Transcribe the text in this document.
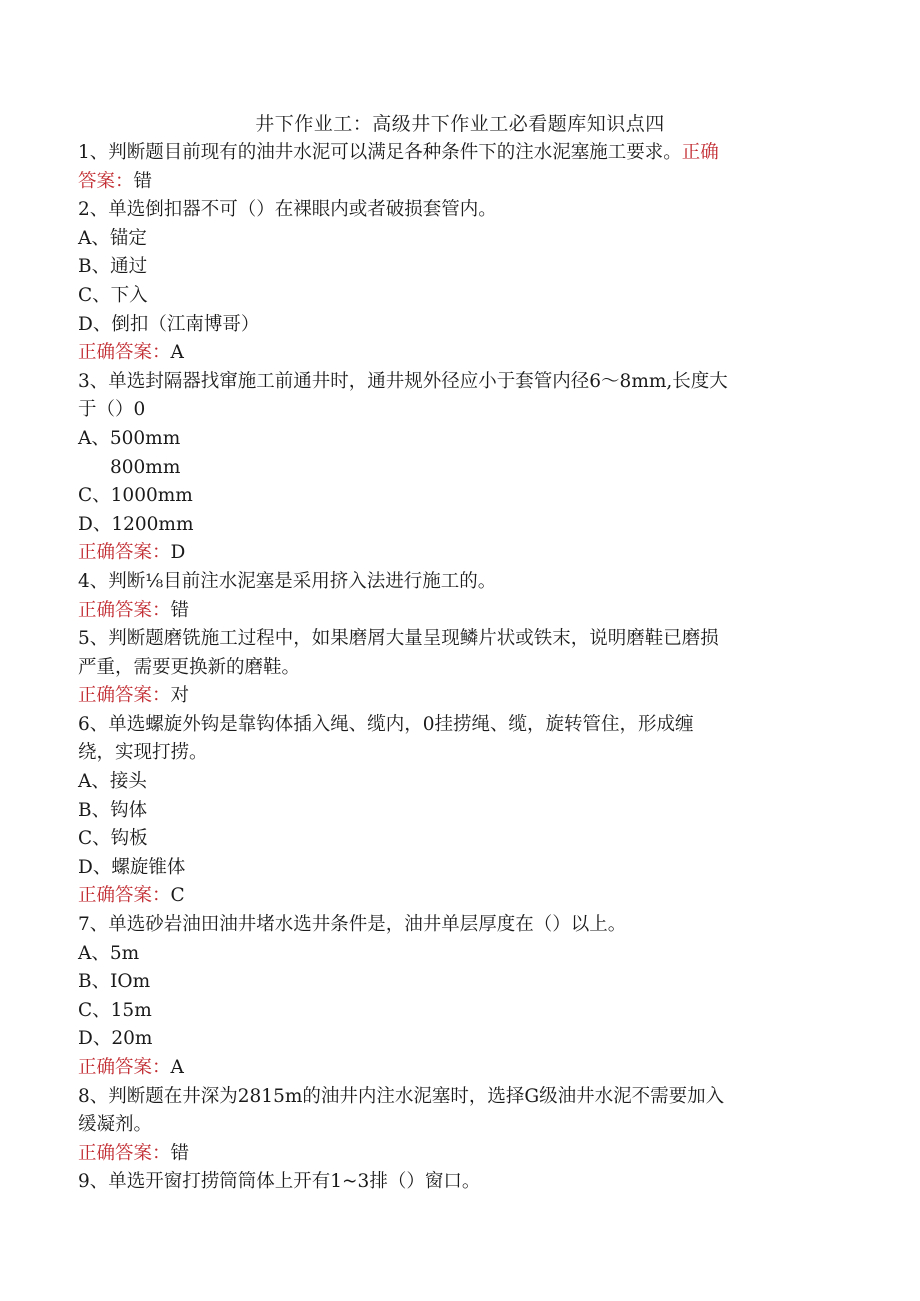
井下作业工：高级井下作业工必看题库知识点四
1、判断题目前现有的油井水泥可以满足各种条件下的注水泥塞施工要求。正确
答案：错
2、单选倒扣器不可（）在裸眼内或者破损套管内。
A、锚定
B、通过
C、下入
D、倒扣（江南博哥）
正确答案：A
3、单选封隔器找窜施工前通井时，通井规外径应小于套管内径6～8mm,长度大
于（）0
A、500mm
800mm
C、1000mm
D、1200mm
正确答案：D
4、判断⅛目前注水泥塞是采用挤入法进行施工的。
正确答案：错
5、判断题磨铣施工过程中，如果磨屑大量呈现鳞片状或铁末，说明磨鞋已磨损
严重，需要更换新的磨鞋。
正确答案：对
6、单选螺旋外钩是靠钩体插入绳、缆内，0挂捞绳、缆，旋转管住，形成缠
绕，实现打捞。
A、接头
B、钩体
C、钩板
D、螺旋锥体
正确答案：C
7、单选砂岩油田油井堵水选井条件是，油井单层厚度在（）以上。
A、5m
B、IOm
C、15m
D、20m
正确答案：A
8、判断题在井深为2815m的油井内注水泥塞时，选择G级油井水泥不需要加入
缓凝剂。
正确答案：错
9、单选开窗打捞筒筒体上开有1~3排（）窗口。
